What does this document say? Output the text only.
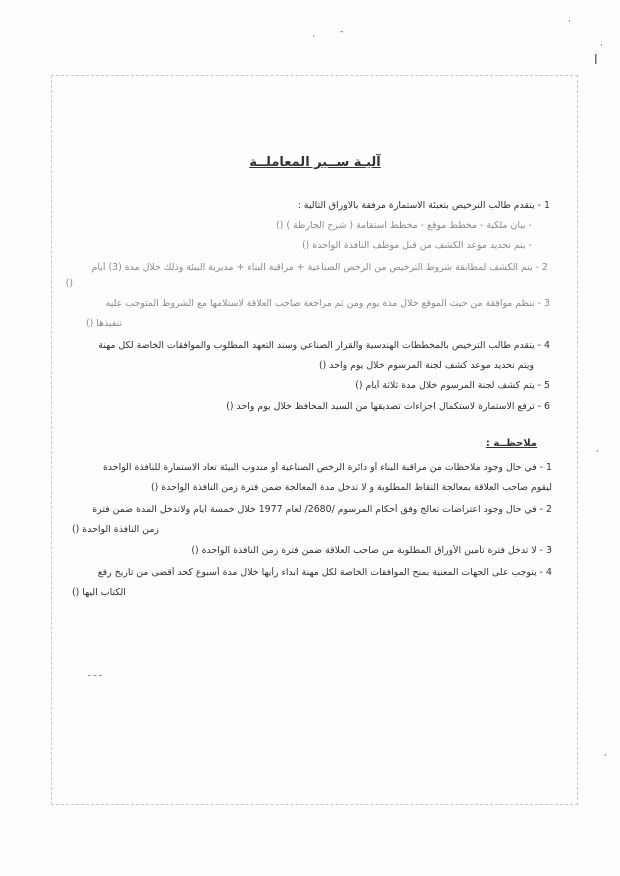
·
·
ا
·	-
·
·
آليـة ســير المعاملــة
1 - يتقدم طالب الترخيص بتعبئة الاستمارة مرفقة بالاوراق التالية :
- بيان ملكية - مخطط موقع - مخطط استقامة ( شرح الحارطة ) ()
- يتم تحديد موعد الكشف من قبل موظف النافذة الواحدة ()
2 - يتم الكشف لمطابقة شروط الترخيص من الرخص الصناعية + مراقبة البناء + مديرية البيئة وذلك خلال مدة (3) أيام
()
3 - تنظم موافقة من حيث الموقع خلال مدة يوم ومن ثم مراجعة صاحب العلاقة لاستلامها مع الشروط المتوجب عليه
تنفيذها ()
4 - يتقدم طالب الترخيص بالمخططات الهندسية والقرار الصناعي وسند التعهد المطلوب والموافقات الخاصة لكل مهنة
ويتم تحديد موعد كشف لجنة المرسوم خلال يوم واحد ()
5 - يتم كشف لجنة المرسوم خلال مدة ثلاثة أيام ()
6 - ترفع الاستمارة لاستكمال اجراءات تصديقها من السيد المحافظ خلال يوم واحد ()
ملاحظــة :
1 - في حال وجود ملاحظات من مراقبة البناء أو دائرة الرخص الصناعية أو مندوب البيئة تعاد الاستمارة للنافذة الواحدة
ليقوم صاحب العلاقة بمعالجة النقاط المطلوبة و لا تدخل مدة المعالجة ضمن فترة زمن النافذة الواحدة ()
2 - في حال وجود اعتراضات تعالج وفق أحكام المرسوم /2680/ لعام 1977 خلال خمسة ايام ولاتدخل المدة ضمن فترة
زمن النافذة الواحدة ()
3 - لا تدخل فترة تأمين الأوراق المطلوبة من صاحب العلاقة ضمن فترة زمن النافذة الواحدة ()
4 - يتوجب على الجهات المعنية بمنح الموافقات الخاصة لكل مهنة ابداء رأيها خلال مدة أسبوع كحد أقصى من تاريخ رفع
الكتاب اليها ()
